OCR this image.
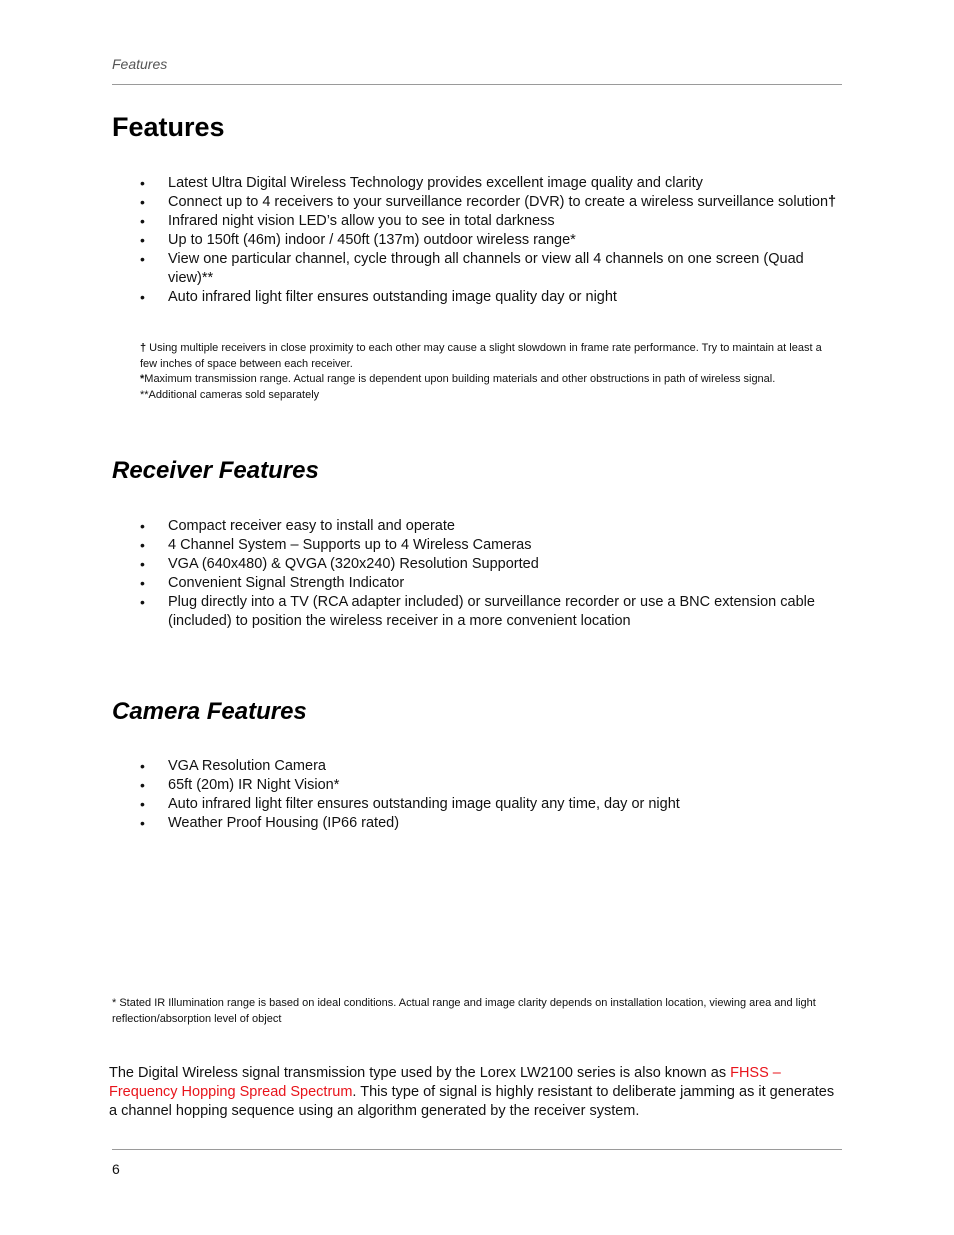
Features
Features
• Latest Ultra Digital Wireless Technology provides excellent image quality and clarity
• Connect up to 4 receivers to your surveillance recorder (DVR) to create a wireless surveillance solution†
• Infrared night vision LED’s allow you to see in total darkness
• Up to 150ft (46m) indoor / 450ft (137m) outdoor wireless range*
• View one particular channel, cycle through all channels or view all 4 channels on one screen (Quad view)**
• Auto infrared light filter ensures outstanding image quality day or night

† Using multiple receivers in close proximity to each other may cause a slight slowdown in frame rate performance. Try to maintain at least a few inches of space between each receiver.

*Maximum transmission range. Actual range is dependent upon building materials and other obstructions in path of wireless signal.

**Additional cameras sold separately

Receiver Features
• Compact receiver easy to install and operate
• 4 Channel System – Supports up to 4 Wireless Cameras
• VGA (640x480) & QVGA (320x240) Resolution Supported
• Convenient Signal Strength Indicator
• Plug directly into a TV (RCA adapter included) or surveillance recorder or use a BNC extension cable (included) to position the wireless receiver in a more convenient location
Camera Features
• VGA Resolution Camera
• 65ft (20m) IR Night Vision*
• Auto infrared light filter ensures outstanding image quality any time, day or night
• Weather Proof Housing (IP66 rated)

* Stated IR Illumination range is based on ideal conditions. Actual range and image clarity depends on installation location, viewing area and light reflection/absorption level of object

The Digital Wireless signal transmission type used by the Lorex LW2100 series is also known as FHSS – Frequency Hopping Spread Spectrum. This type of signal is highly resistant to deliberate jamming as it generates a channel hopping sequence using an algorithm generated by the receiver system.

6
